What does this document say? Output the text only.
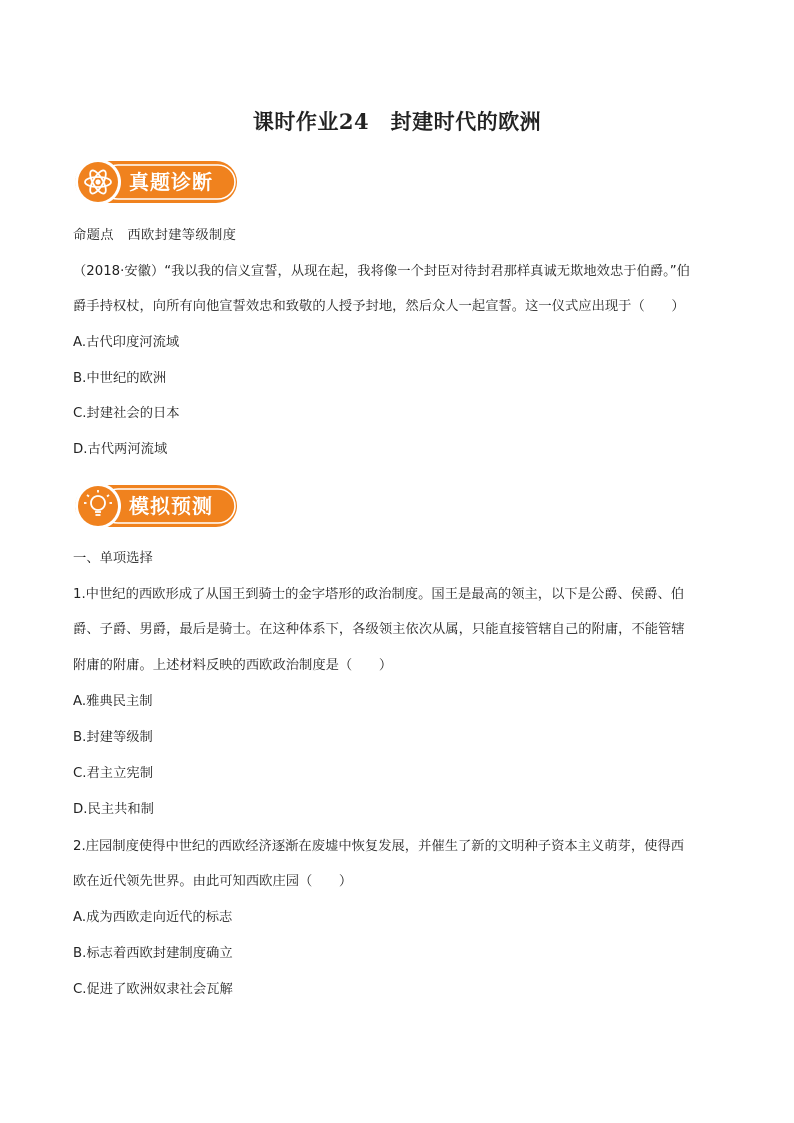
课时作业24　封建时代的欧洲
真题诊断
命题点　西欧封建等级制度
（2018·安徽）“我以我的信义宣誓，从现在起，我将像一个封臣对待封君那样真诚无欺地效忠于伯爵。”伯
爵手持权杖，向所有向他宣誓效忠和致敬的人授予封地，然后众人一起宣誓。这一仪式应出现于（　　）
A.古代印度河流域
B.中世纪的欧洲
C.封建社会的日本
D.古代两河流域
模拟预测
一、单项选择
1.中世纪的西欧形成了从国王到骑士的金字塔形的政治制度。国王是最高的领主，以下是公爵、侯爵、伯
爵、子爵、男爵，最后是骑士。在这种体系下，各级领主依次从属，只能直接管辖自己的附庸，不能管辖
附庸的附庸。上述材料反映的西欧政治制度是（　　）
A.雅典民主制
B.封建等级制
C.君主立宪制
D.民主共和制
2.庄园制度使得中世纪的西欧经济逐渐在废墟中恢复发展，并催生了新的文明种子资本主义萌芽，使得西
欧在近代领先世界。由此可知西欧庄园（　　）
A.成为西欧走向近代的标志
B.标志着西欧封建制度确立
C.促进了欧洲奴隶社会瓦解
